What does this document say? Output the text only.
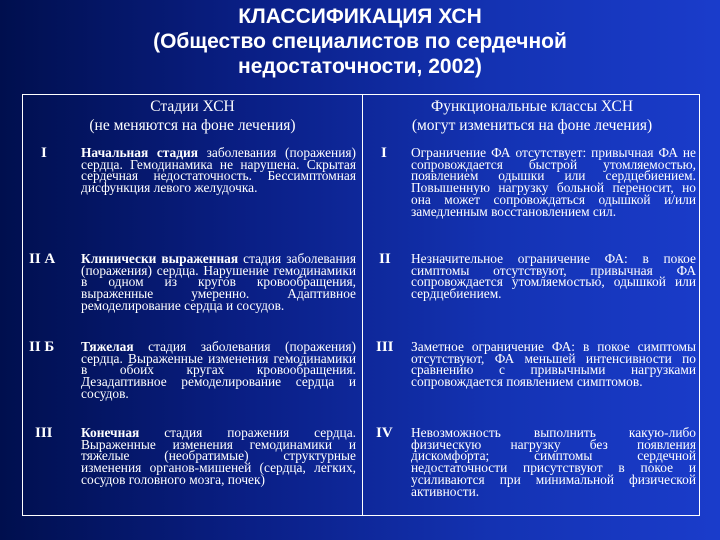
КЛАССИФИКАЦИЯ ХСН
(Общество специалистов по сердечной
недостаточности, 2002)
Стадии ХСН
(не меняются на фоне лечения)
Функциональные классы ХСН
(могут измениться на фоне лечения)
I	Начальная стадия заболевания (поражения) сердца. Гемодинамика не нарушена. Скрытая сердечная недостаточность. Бессимптомная дисфункция левого желудочка.
II А Клинически выраженная стадия заболевания (поражения) сердца. Нарушение гемодинамики в одном из кругов кровообращения, выраженные умеренно. Адаптивное ремоделирование сердца и сосудов.
II Б Тяжелая стадия заболевания (поражения) сердца. Выраженные изменения гемодинамики в обоих кругах кровообращения. Дезадаптивное ремоделирование сердца и сосудов.
III Конечная стадия поражения сердца. Выраженные изменения гемодинамики и тяжелые (необратимые) структурные изменения органов-мишеней (сердца, легких, сосудов головного мозга, почек)
I Ограничение ФА отсутствует: привычная ФА не сопровождается быстрой утомляемостью, появлением одышки или сердцебиением. Повышенную нагрузку больной переносит, но она может сопровождаться одышкой и/или замедленным восстановлением сил.
II Незначительное ограничение ФА: в покое симптомы отсутствуют, привычная ФА сопровождается утомляемостью, одышкой или сердцебиением.
III Заметное ограничение ФА: в покое симптомы отсутствуют, ФА меньшей интенсивности по сравнению с привычными нагрузками сопровождается появлением симптомов.
IV Невозможность выполнить какую-либо физическую нагрузку без появления дискомфорта; симптомы сердечной недостаточности присутствуют в покое и усиливаются при минимальной физической активности.
